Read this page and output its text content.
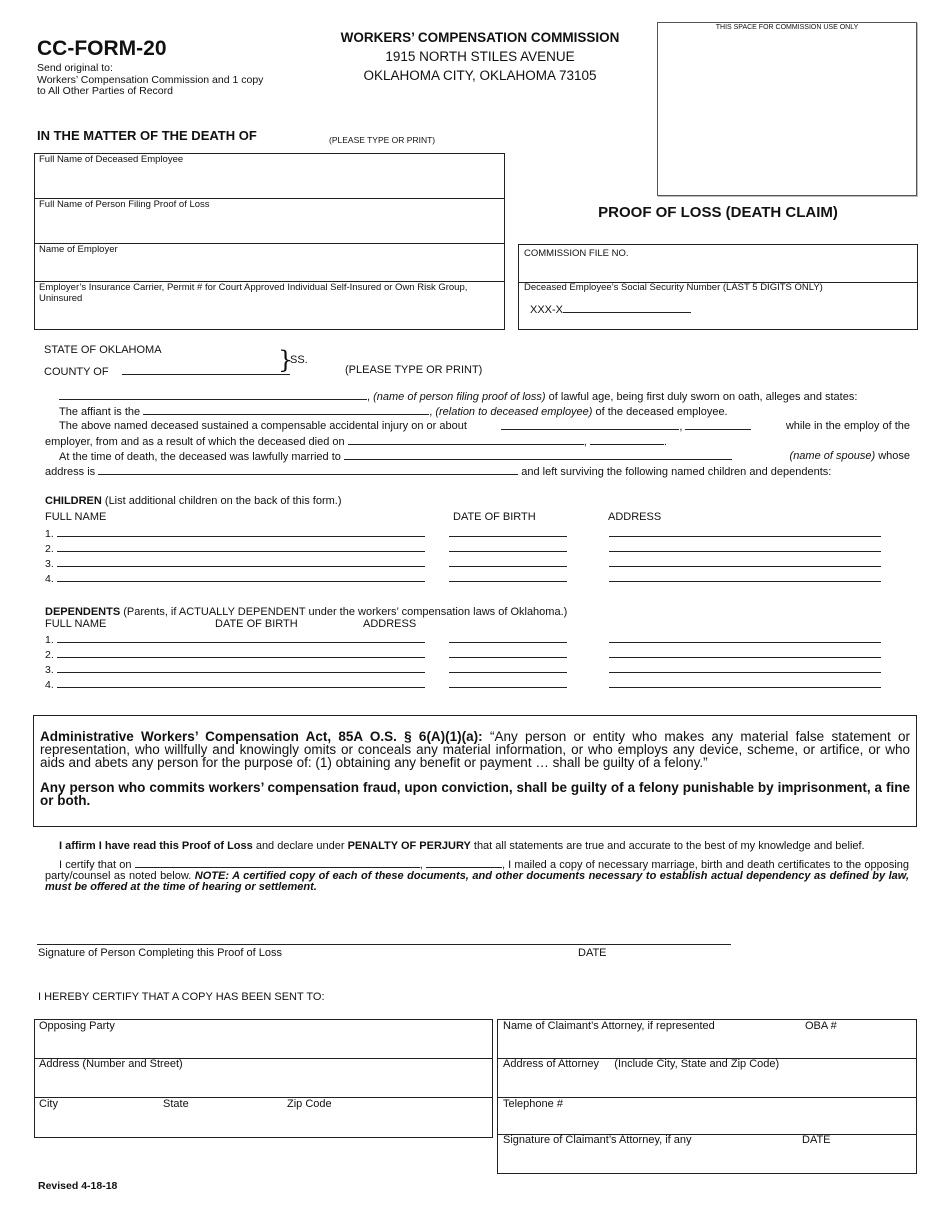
CC-FORM-20
Send original to:
Workers’ Compensation Commission and 1 copy
to All Other Parties of Record
WORKERS’ COMPENSATION COMMISSION
1915 NORTH STILES AVENUE
OKLAHOMA CITY, OKLAHOMA 73105
THIS SPACE FOR COMMISSION USE ONLY
IN THE MATTER OF THE DEATH OF	(PLEASE TYPE OR PRINT)
Full Name of Deceased Employee
Full Name of Person Filing Proof of Loss
Name of Employer
Employer’s Insurance Carrier, Permit # for Court Approved Individual Self-Insured or Own Risk Group, Uninsured
PROOF OF LOSS (DEATH CLAIM)
COMMISSION FILE NO.
Deceased Employee’s Social Security Number (LAST 5 DIGITS ONLY)
XXX-X
STATE OF OKLAHOMA
COUNTY OF	}
SS.
(PLEASE TYPE OR PRINT)
, (name of person filing proof of loss) of lawful age, being first duly sworn on oath, alleges and states:
The affiant is the	, (relation to deceased employee) of the deceased employee.
The above named deceased sustained a compensable accidental injury on or about	,	while in the employ of the
employer, from and as a result of which the deceased died on	,	.
At the time of death, the deceased was lawfully married to	(name of spouse) whose
address is	and left surviving the following named children and dependents:
CHILDREN (List additional children on the back of this form.)
FULL NAME	DATE OF BIRTH	ADDRESS
1.
2.
3.
4.
DEPENDENTS (Parents, if ACTUALLY DEPENDENT under the workers’ compensation laws of Oklahoma.)
FULL NAME	DATE OF BIRTH	ADDRESS
1.
2.
3.
4.
Administrative Workers’ Compensation Act, 85A O.S. § 6(A)(1)(a): “Any person or entity who makes any material false statement or representation, who willfully and knowingly omits or conceals any material information, or who employs any device, scheme, or artifice, or who aids and abets any person for the purpose of: (1) obtaining any benefit or payment … shall be guilty of a felony.”
Any person who commits workers’ compensation fraud, upon conviction, shall be guilty of a felony punishable by imprisonment, a fine or both.
I affirm I have read this Proof of Loss and declare under PENALTY OF PERJURY that all statements are true and accurate to the best of my knowledge and belief.
I certify that on	,	, I mailed a copy of necessary marriage, birth and death certificates to the opposing party/counsel as noted below. NOTE: A certified copy of each of these documents, and other documents necessary to establish actual dependency as defined by law, must be offered at the time of hearing or settlement.
Signature of Person Completing this Proof of Loss	DATE
I HEREBY CERTIFY THAT A COPY HAS BEEN SENT TO:
Opposing Party
Address (Number and Street)
City	State	Zip Code
Name of Claimant’s Attorney, if represented	OBA #
Address of Attorney     (Include City, State and Zip Code)
Telephone #
Signature of Claimant’s Attorney, if any	DATE
Revised 4-18-18
